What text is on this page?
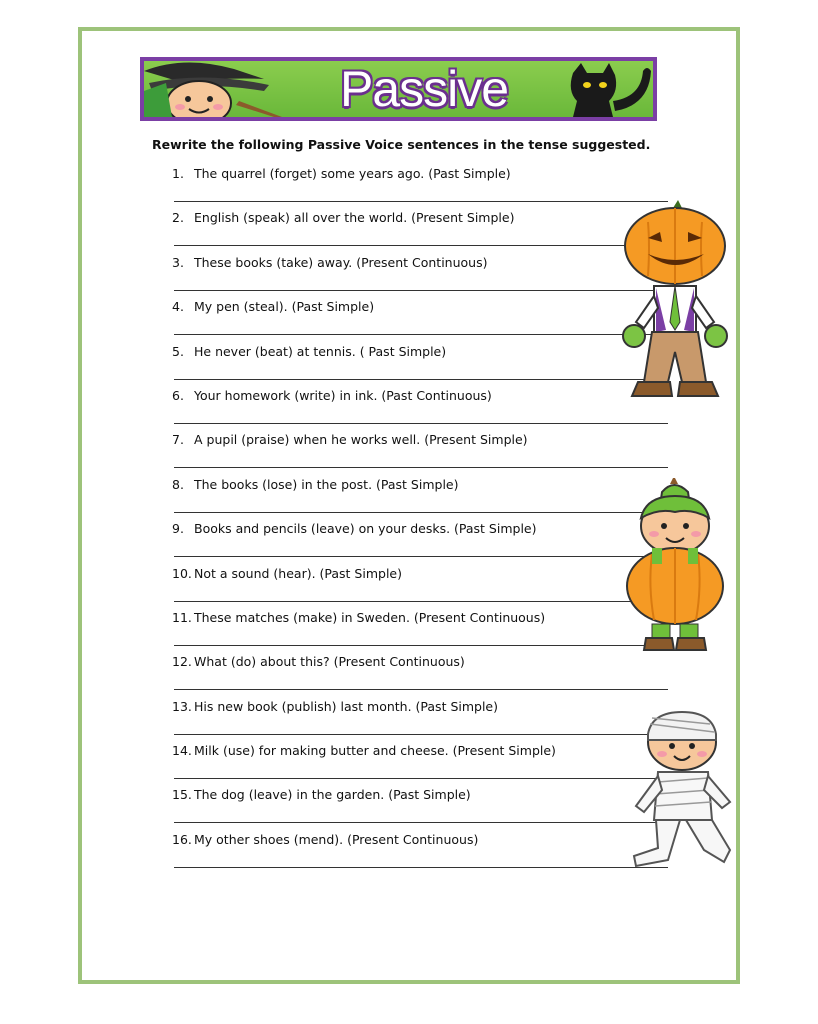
Passive
Rewrite the following Passive Voice sentences in the tense suggested.
1. The quarrel (forget) some years ago. (Past Simple)
2. English (speak) all over the world. (Present Simple)
3. These books (take) away. (Present Continuous)
4. My pen (steal). (Past Simple)
5. He never (beat) at tennis. ( Past Simple)
6. Your homework (write) in ink. (Past Continuous)
7. A pupil (praise) when he works well. (Present Simple)
8. The books (lose) in the post. (Past Simple)
9. Books and pencils (leave) on your desks. (Past Simple)
10. Not a sound (hear). (Past Simple)
11. These matches (make) in Sweden. (Present Continuous)
12. What (do) about this? (Present Continuous)
13. His new book (publish) last month. (Past Simple)
14. Milk (use) for making butter and cheese. (Present Simple)
15. The dog (leave) in the garden. (Past Simple)
16. My other shoes (mend). (Present Continuous)
